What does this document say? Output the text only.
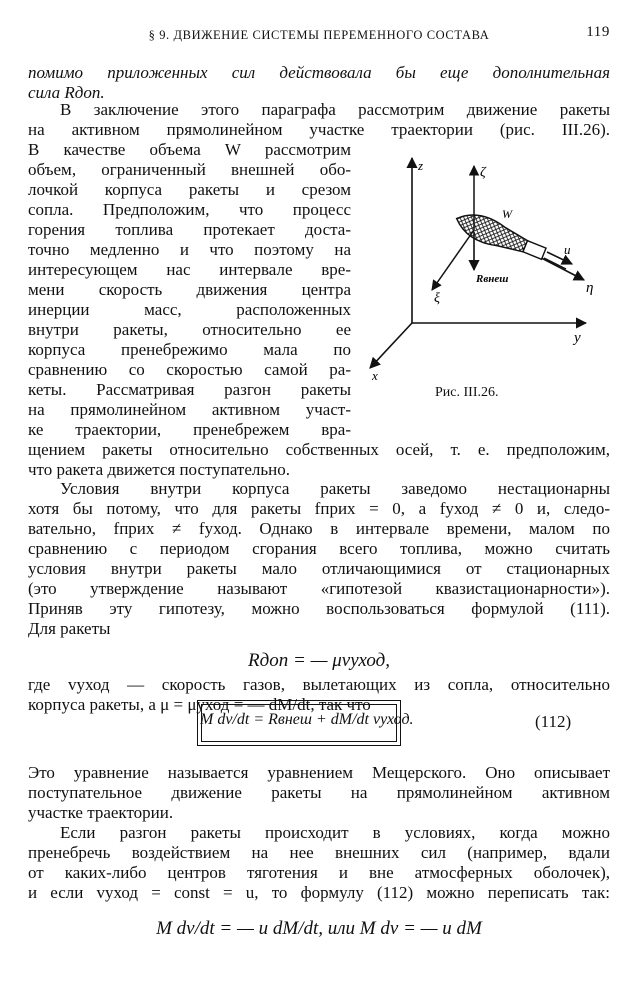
§ 9. ДВИЖЕНИЕ СИСТЕМЫ ПЕРЕМЕННОГО СОСТАВА	119
помимо приложенных сил действовала бы еще дополнительная
сила Rдоп.
В заключение этого параграфа рассмотрим движение ракеты
на активном прямолинейном участке траектории (рис. III.26).
В качестве объема W рассмотрим
объем, ограниченный внешней обо-
лочкой корпуса ракеты и срезом
сопла. Предположим, что процесс
горения топлива протекает доста-
точно медленно и что поэтому на
интересующем нас интервале вре-
мени скорость движения центра
инерции масс, расположенных
внутри ракеты, относительно ее
корпуса пренебрежимо мала по
сравнению со скоростью самой ра-
кеты. Рассматривая разгон ракеты
на прямолинейном активном участ-
ке траектории, пренебрежем вра-
щением ракеты относительно собственных осей, т. е. предположим,
что ракета движется поступательно.
Условия внутри корпуса ракеты заведомо нестационарны
хотя бы потому, что для ракеты fприх = 0, а fуход ≠ 0 и, следо-
вательно, fприх ≠ fуход. Однако в интервале времени, малом по
сравнению с периодом сгорания всего топлива, можно считать
условия внутри ракеты мало отличающимися от стационарных
(это утверждение называют «гипотезой квазистационарности»).
Приняв эту гипотезу, можно воспользоваться формулой (111).
Для ракеты
Rдоп = — μvуход,
где vуход — скорость газов, вылетающих из сопла, относительно
корпуса ракеты, а μ = μуход = — dM/dt, так что
M dv/dt = Rвнеш + dM/dt vуход.	(112)
Это уравнение называется уравнением Мещерского. Оно описывает
поступательное движение ракеты на прямолинейном активном
участке траектории.
Если разгон ракеты происходит в условиях, когда можно
пренебречь воздействием на нее внешних сил (например, вдали
от каких-либо центров тяготения и вне атмосферных оболочек),
и если vуход = const = u, то формулу (112) можно переписать так:
M dv/dt = — u dM/dt, или M dv = — u dM
z
y
x
ζ
W
u
Rвнеш
η
ξ
Рис. III.26.
